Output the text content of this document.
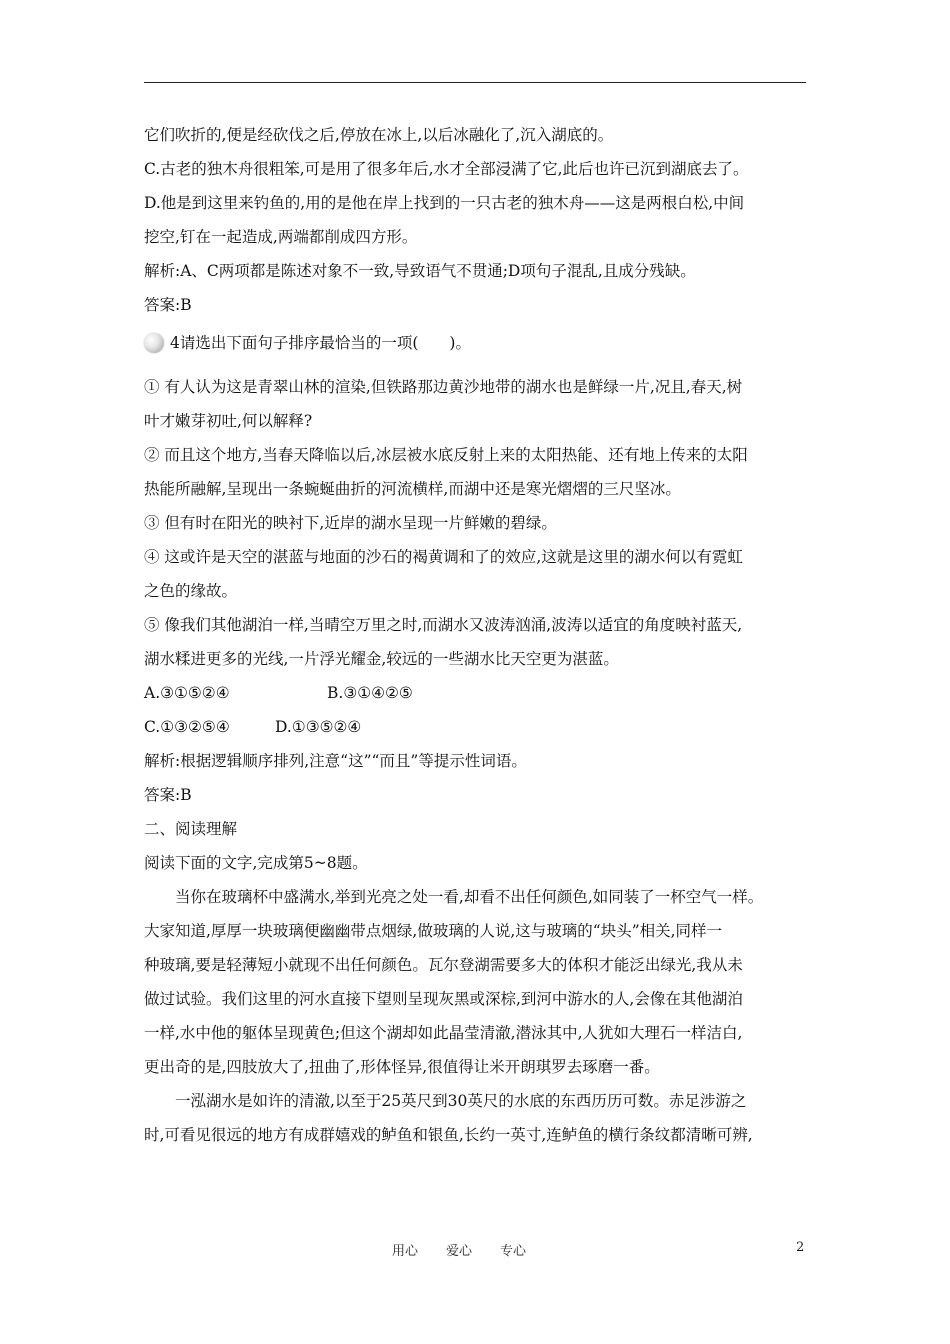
它们吹折的,便是经砍伐之后,停放在冰上,以后冰融化了,沉入湖底的。
C.古老的独木舟很粗笨,可是用了很多年后,水才全部浸满了它,此后也许已沉到湖底去了。
D.他是到这里来钓鱼的,用的是他在岸上找到的一只古老的独木舟——这是两根白松,中间
挖空,钉在一起造成,两端都削成四方形。
解析:A、C两项都是陈述对象不一致,导致语气不贯通;D项句子混乱,且成分残缺。
答案:B
4请选出下面句子排序最恰当的一项(　　)。
① 有人认为这是青翠山林的渲染,但铁路那边黄沙地带的湖水也是鲜绿一片,况且,春天,树
叶才嫩芽初吐,何以解释?
② 而且这个地方,当春天降临以后,冰层被水底反射上来的太阳热能、还有地上传来的太阳
热能所融解,呈现出一条蜿蜒曲折的河流横样,而湖中还是寒光熠熠的三尺坚冰。
③ 但有时在阳光的映衬下,近岸的湖水呈现一片鲜嫩的碧绿。
④ 这或许是天空的湛蓝与地面的沙石的褐黄调和了的效应,这就是这里的湖水何以有霓虹
之色的缘故。
⑤ 像我们其他湖泊一样,当晴空万里之时,而湖水又波涛汹涌,波涛以适宜的角度映衬蓝天,
湖水糅进更多的光线,一片浮光耀金,较远的一些湖水比天空更为湛蓝。
A.③①⑤②④	B.③①④②⑤
C.①③②⑤④	D.①③⑤②④
解析:根据逻辑顺序排列,注意“这”“而且”等提示性词语。
答案:B
二、阅读理解
阅读下面的文字,完成第5~8题。
当你在玻璃杯中盛满水,举到光亮之处一看,却看不出任何颜色,如同装了一杯空气一样。
大家知道,厚厚一块玻璃便幽幽带点烟绿,做玻璃的人说,这与玻璃的“块头”相关,同样一
种玻璃,要是轻薄短小就现不出任何颜色。瓦尔登湖需要多大的体积才能泛出绿光,我从未
做过试验。我们这里的河水直接下望则呈现灰黑或深棕,到河中游水的人,会像在其他湖泊
一样,水中他的躯体呈现黄色;但这个湖却如此晶莹清澈,潜泳其中,人犹如大理石一样洁白,
更出奇的是,四肢放大了,扭曲了,形体怪异,很值得让米开朗琪罗去琢磨一番。
一泓湖水是如许的清澈,以至于25英尺到30英尺的水底的东西历历可数。赤足涉游之
时,可看见很远的地方有成群嬉戏的鲈鱼和银鱼,长约一英寸,连鲈鱼的横行条纹都清晰可辨,
用心 爱心 专心	2
